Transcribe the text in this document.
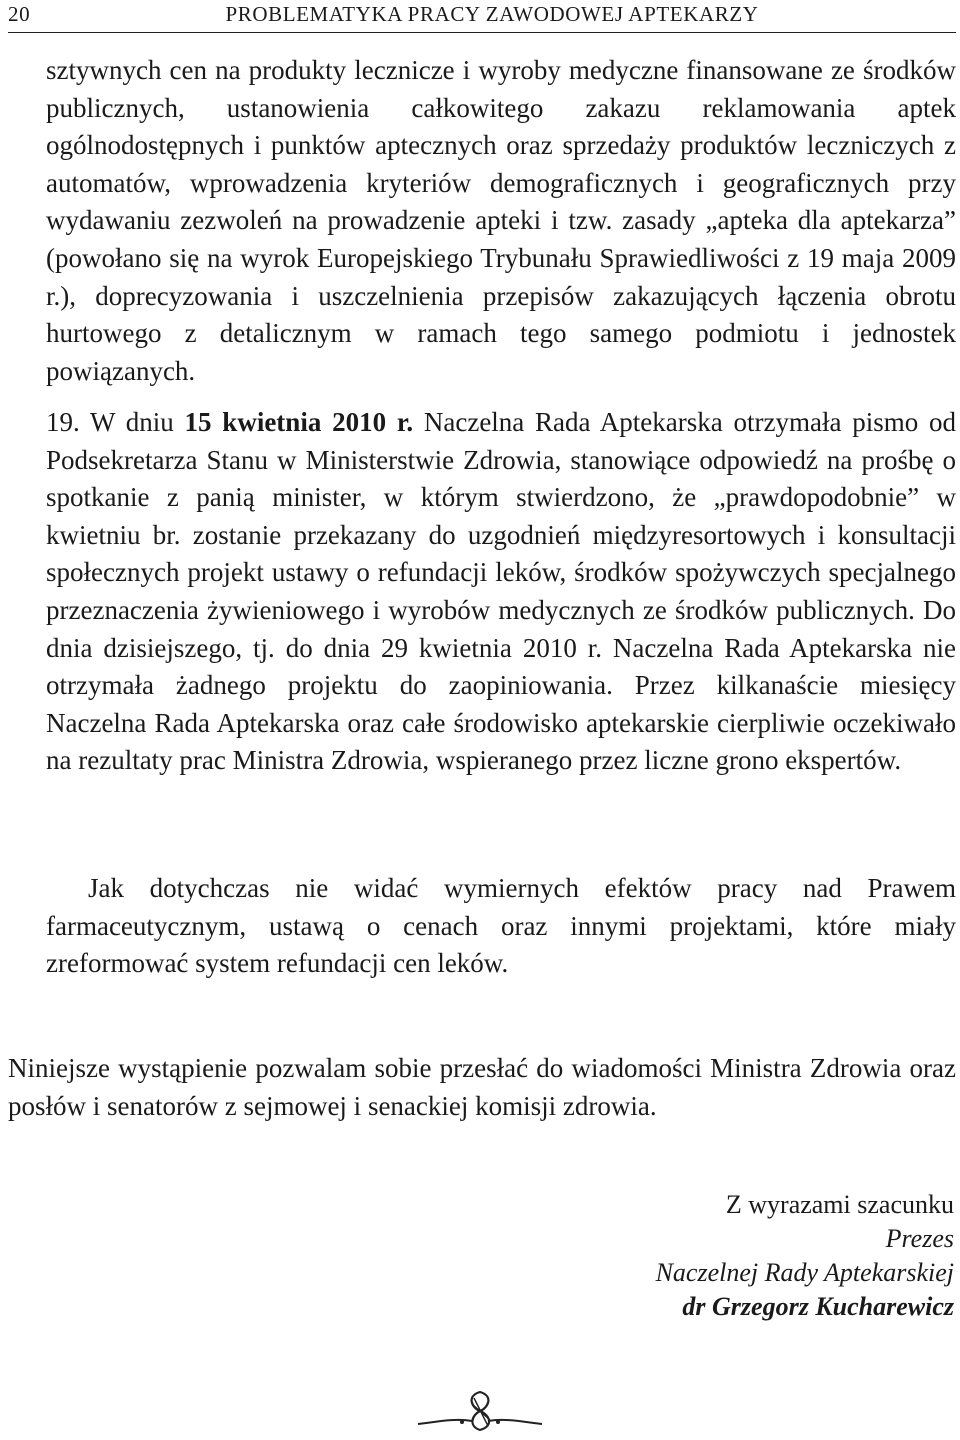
20	PROBLEMATYKA PRACY ZAWODOWEJ APTEKARZY
sztywnych cen na produkty lecznicze i wyroby medyczne finansowane ze środków publicznych, ustanowienia całkowitego zakazu reklamowania aptek ogólnodostępnych i punktów aptecznych oraz sprzedaży produktów leczniczych z automatów, wprowadzenia kryteriów demograficznych i geograficznych przy wydawaniu zezwoleń na prowadzenie apteki i tzw. zasady „apteka dla aptekarza” (powołano się na wyrok Europejskiego Trybunału Sprawiedliwości z 19 maja 2009 r.), doprecyzowania i uszczelnienia przepisów zakazujących łączenia obrotu hurtowego z detalicznym w ramach tego samego podmiotu i jednostek powiązanych.
19. W dniu 15 kwietnia 2010 r. Naczelna Rada Aptekarska otrzymała pismo od Podsekretarza Stanu w Ministerstwie Zdrowia, stanowiące odpowiedź na prośbę o spotkanie z panią minister, w którym stwierdzono, że „prawdopodobnie” w kwietniu br. zostanie przekazany do uzgodnień międzyresortowych i konsultacji społecznych projekt ustawy o refundacji leków, środków spożywczych specjalnego przeznaczenia żywieniowego i wyrobów medycznych ze środków publicznych. Do dnia dzisiejszego, tj. do dnia 29 kwietnia 2010 r. Naczelna Rada Aptekarska nie otrzymała żadnego projektu do zaopiniowania. Przez kilkanaście miesięcy Naczelna Rada Aptekarska oraz całe środowisko aptekarskie cierpliwie oczekiwało na rezultaty prac Ministra Zdrowia, wspieranego przez liczne grono ekspertów.
Jak dotychczas nie widać wymiernych efektów pracy nad Prawem farmaceutycznym, ustawą o cenach oraz innymi projektami, które miały zreformować system refundacji cen leków.
Niniejsze wystąpienie pozwalam sobie przesłać do wiadomości Ministra Zdrowia oraz posłów i senatorów z sejmowej i senackiej komisji zdrowia.
Z wyrazami szacunku
Prezes
Naczelnej Rady Aptekarskiej
dr Grzegorz Kucharewicz
